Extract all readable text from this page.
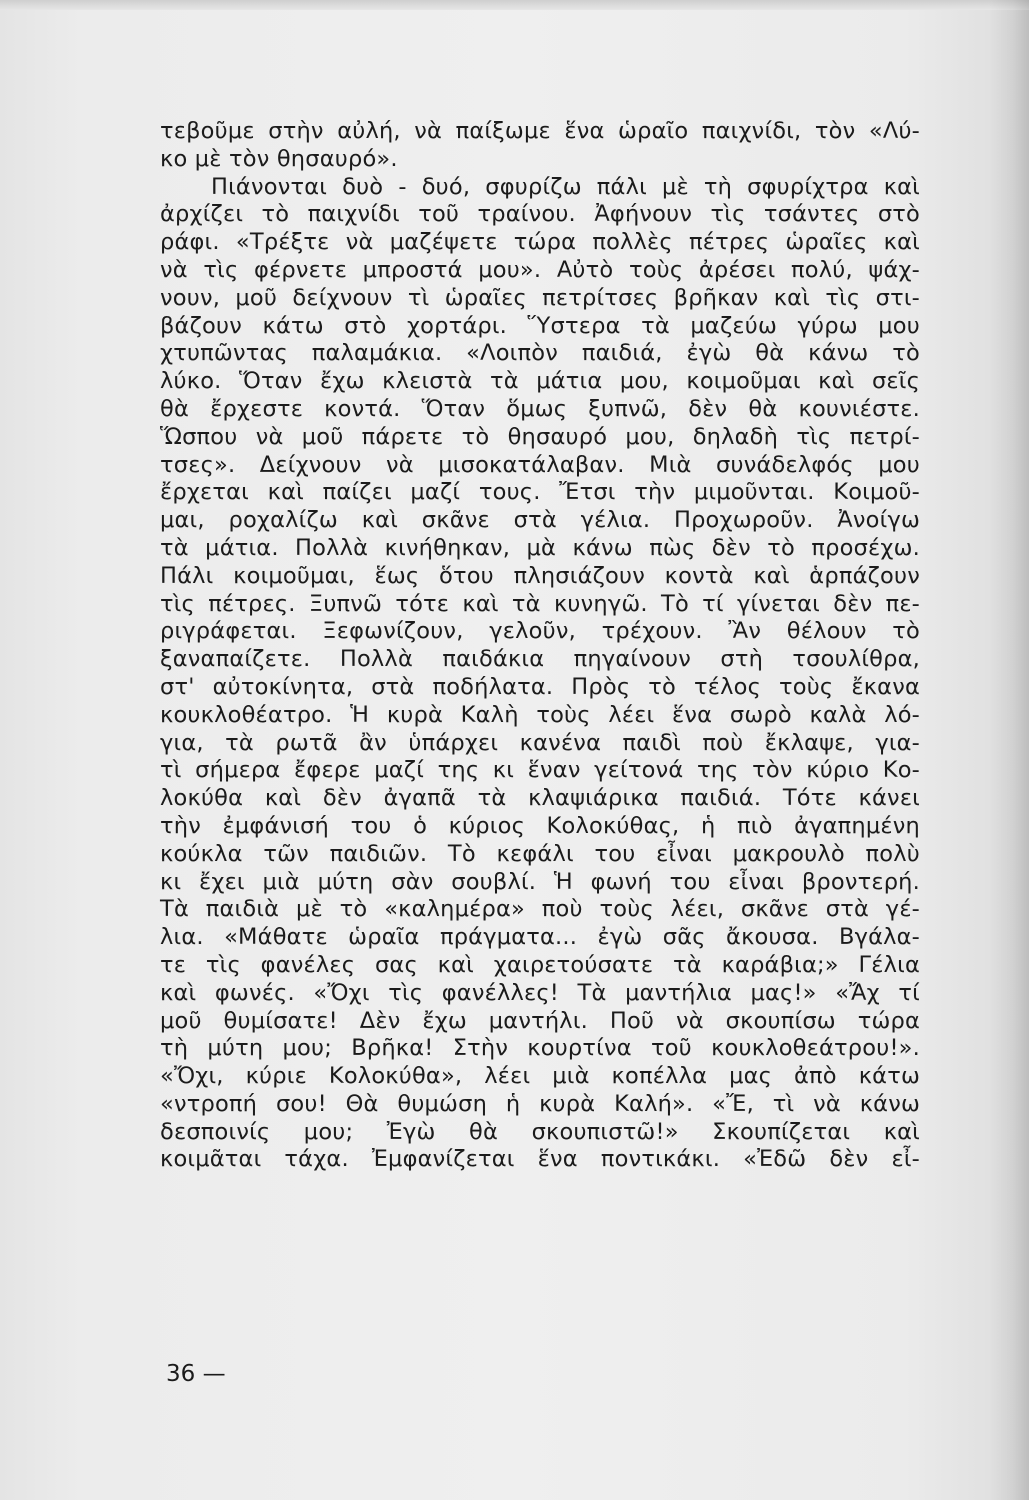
τεβοῦμε στὴν αὐλή, νὰ παίξωμε ἕνα ὡραῖο παιχνίδι, τὸν «Λύ-
κο μὲ τὸν θησαυρό».
Πιάνονται δυὸ - δυό, σφυρίζω πάλι μὲ τὴ σφυρίχτρα καὶ
ἀρχίζει τὸ παιχνίδι τοῦ τραίνου. Ἀφήνουν τὶς τσάντες στὸ
ράφι. «Τρέξτε νὰ μαζέψετε τώρα πολλὲς πέτρες ὡραῖες καὶ
νὰ τὶς φέρνετε μπροστά μου». Αὐτὸ τοὺς ἀρέσει πολύ, ψάχ-
νουν, μοῦ δείχνουν τὶ ὡραῖες πετρίτσες βρῆκαν καὶ τὶς στι-
βάζουν κάτω στὸ χορτάρι. Ὕστερα τὰ μαζεύω γύρω μου
χτυπῶντας παλαμάκια. «Λοιπὸν παιδιά, ἐγὼ θὰ κάνω τὸ
λύκο. Ὅταν ἔχω κλειστὰ τὰ μάτια μου, κοιμοῦμαι καὶ σεῖς
θὰ ἔρχεστε κοντά. Ὅταν ὅμως ξυπνῶ, δὲν θὰ κουνιέστε.
Ὥσπου νὰ μοῦ πάρετε τὸ θησαυρό μου, δηλαδὴ τὶς πετρί-
τσες». Δείχνουν νὰ μισοκατάλαβαν. Μιὰ συνάδελφός μου
ἔρχεται καὶ παίζει μαζί τους. Ἔτσι τὴν μιμοῦνται. Κοιμοῦ-
μαι, ροχαλίζω καὶ σκᾶνε στὰ γέλια. Προχωροῦν. Ἀνοίγω
τὰ μάτια. Πολλὰ κινήθηκαν, μὰ κάνω πὼς δὲν τὸ προσέχω.
Πάλι κοιμοῦμαι, ἕως ὅτου πλησιάζουν κοντὰ καὶ ἁρπάζουν
τὶς πέτρες. Ξυπνῶ τότε καὶ τὰ κυνηγῶ. Τὸ τί γίνεται δὲν πε-
ριγράφεται. Ξεφωνίζουν, γελοῦν, τρέχουν. Ἂν θέλουν τὸ
ξαναπαίζετε. Πολλὰ παιδάκια πηγαίνουν στὴ τσουλίθρα,
στ' αὐτοκίνητα, στὰ ποδήλατα. Πρὸς τὸ τέλος τοὺς ἔκανα
κουκλοθέατρο. Ἡ κυρὰ Καλὴ τοὺς λέει ἕνα σωρὸ καλὰ λό-
για, τὰ ρωτᾶ ἂν ὑπάρχει κανένα παιδὶ ποὺ ἔκλαψε, για-
τὶ σήμερα ἔφερε μαζί της κι ἕναν γείτονά της τὸν κύριο Κο-
λοκύθα καὶ δὲν ἀγαπᾶ τὰ κλαψιάρικα παιδιά. Τότε κάνει
τὴν ἐμφάνισή του ὁ κύριος Κολοκύθας, ἡ πιὸ ἀγαπημένη
κούκλα τῶν παιδιῶν. Τὸ κεφάλι του εἶναι μακρουλὸ πολὺ
κι ἔχει μιὰ μύτη σὰν σουβλί. Ἡ φωνή του εἶναι βροντερή.
Τὰ παιδιὰ μὲ τὸ «καλημέρα» ποὺ τοὺς λέει, σκᾶνε στὰ γέ-
λια. «Μάθατε ὡραῖα πράγματα... ἐγὼ σᾶς ἄκουσα. Βγάλα-
τε τὶς φανέλες σας καὶ χαιρετούσατε τὰ καράβια;» Γέλια
καὶ φωνές. «Ὄχι τὶς φανέλλες! Τὰ μαντήλια μας!» «Ἄχ τί
μοῦ θυμίσατε! Δὲν ἔχω μαντήλι. Ποῦ νὰ σκουπίσω τώρα
τὴ μύτη μου; Βρῆκα! Στὴν κουρτίνα τοῦ κουκλοθεάτρου!».
«Ὄχι, κύριε Κολοκύθα», λέει μιὰ κοπέλλα μας ἀπὸ κάτω
«ντροπή σου! Θὰ θυμώση ἡ κυρὰ Καλή». «Ἔ, τὶ νὰ κάνω
δεσποινίς μου; Ἐγὼ θὰ σκουπιστῶ!» Σκουπίζεται καὶ
κοιμᾶται τάχα. Ἐμφανίζεται ἕνα ποντικάκι. «Ἐδῶ δὲν εἶ-
36 —
